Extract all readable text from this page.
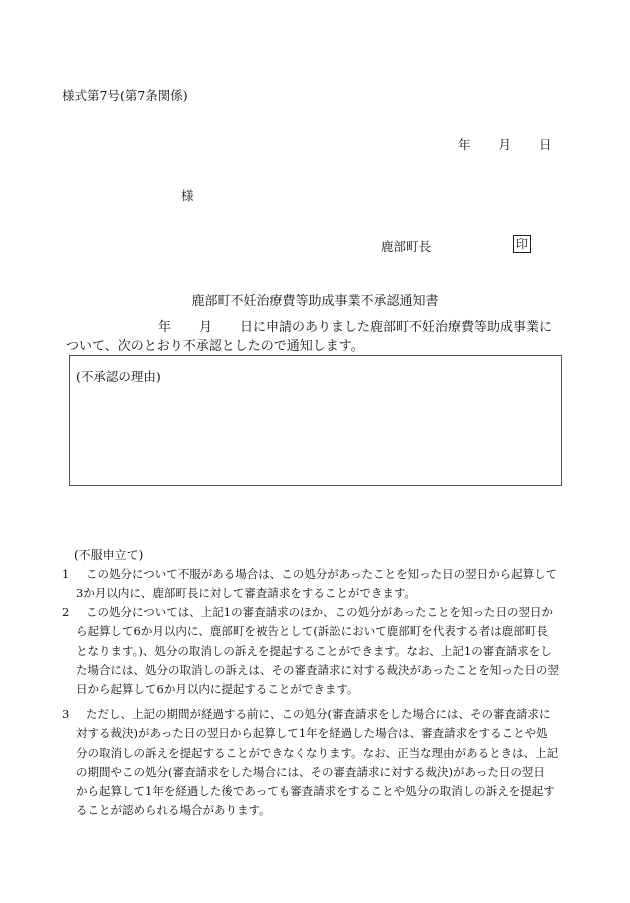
様式第7号(第7条関係)
年 月 日
様
鹿部町長	印
鹿部町不妊治療費等助成事業不承認通知書
年 月 日に申請のありました鹿部町不妊治療費等助成事業に
ついて、次のとおり不承認としたので通知します。
(不承認の理由)
(不服申立て)
1	この処分について不服がある場合は、この処分があったことを知った日の翌日から起算して
3か月以内に、鹿部町長に対して審査請求をすることができます。
2	この処分については、上記1の審査請求のほか、この処分があったことを知った日の翌日か
ら起算して6か月以内に、鹿部町を被告として(訴訟において鹿部町を代表する者は鹿部町長
となります。)、処分の取消しの訴えを提起することができます。なお、上記1の審査請求をし
た場合には、処分の取消しの訴えは、その審査請求に対する裁決があったことを知った日の翌
日から起算して6か月以内に提起することができます。
3	ただし、上記の期間が経過する前に、この処分(審査請求をした場合には、その審査請求に
対する裁決)があった日の翌日から起算して1年を経過した場合は、審査請求をすることや処
分の取消しの訴えを提起することができなくなります。なお、正当な理由があるときは、上記
の期間やこの処分(審査請求をした場合には、その審査請求に対する裁決)があった日の翌日
から起算して1年を経過した後であっても審査請求をすることや処分の取消しの訴えを提起す
ることが認められる場合があります。
